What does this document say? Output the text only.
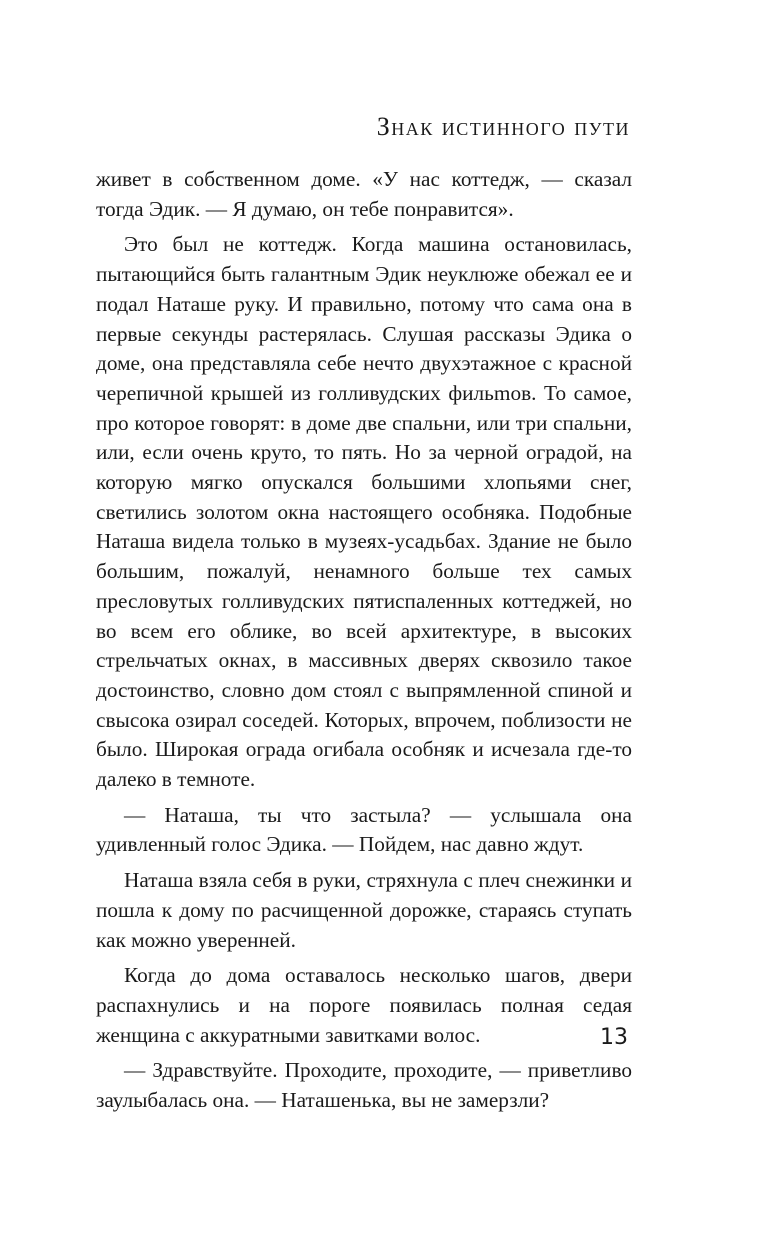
Знак истинного пути

живет в собственном доме. «У нас коттедж, — сказал тогда Эдик. — Я думаю, он тебе понравится».

Это был не коттедж. Когда машина остановилась, пытающийся быть галантным Эдик неуклюже обежал ее и подал Наташе руку. И правильно, потому что сама она в первые секунды растерялась. Слушая рассказы Эдика о доме, она представляла себе нечто двухэтажное с красной черепичной крышей из голливудских фильmов. То самое, про которое говорят: в доме две спальни, или три спальни, или, если очень круто, то пять. Но за черной оградой, на которую мягко опускался большими хлопьями снег, светились золотом окна настоящего особняка. Подобные Наташа видела только в музеях-усадьбах. Здание не было большим, пожалуй, ненамного больше тех самых пресловутых голливудских пятиспаленных коттеджей, но во всем его облике, во всей архитектуре, в высоких стрельчатых окнах, в массивных дверях сквозило такое достоинство, словно дом стоял с выпрямленной спиной и свысока озирал соседей. Которых, впрочем, поблизости не было. Широкая ограда огибала особняк и исчезала где-то далеко в темноте.

— Наташа, ты что застыла? — услышала она удивленный голос Эдика. — Пойдем, нас давно ждут.

Наташа взяла себя в руки, стряхнула с плеч снежинки и пошла к дому по расчищенной дорожке, стараясь ступать как можно уверенней.

Когда до дома оставалось несколько шагов, двери распахнулись и на пороге появилась полная седая женщина с аккуратными завитками волос.

— Здравствуйте. Проходите, проходите, — приветливо заулыбалась она. — Наташенька, вы не замерзли?

13
